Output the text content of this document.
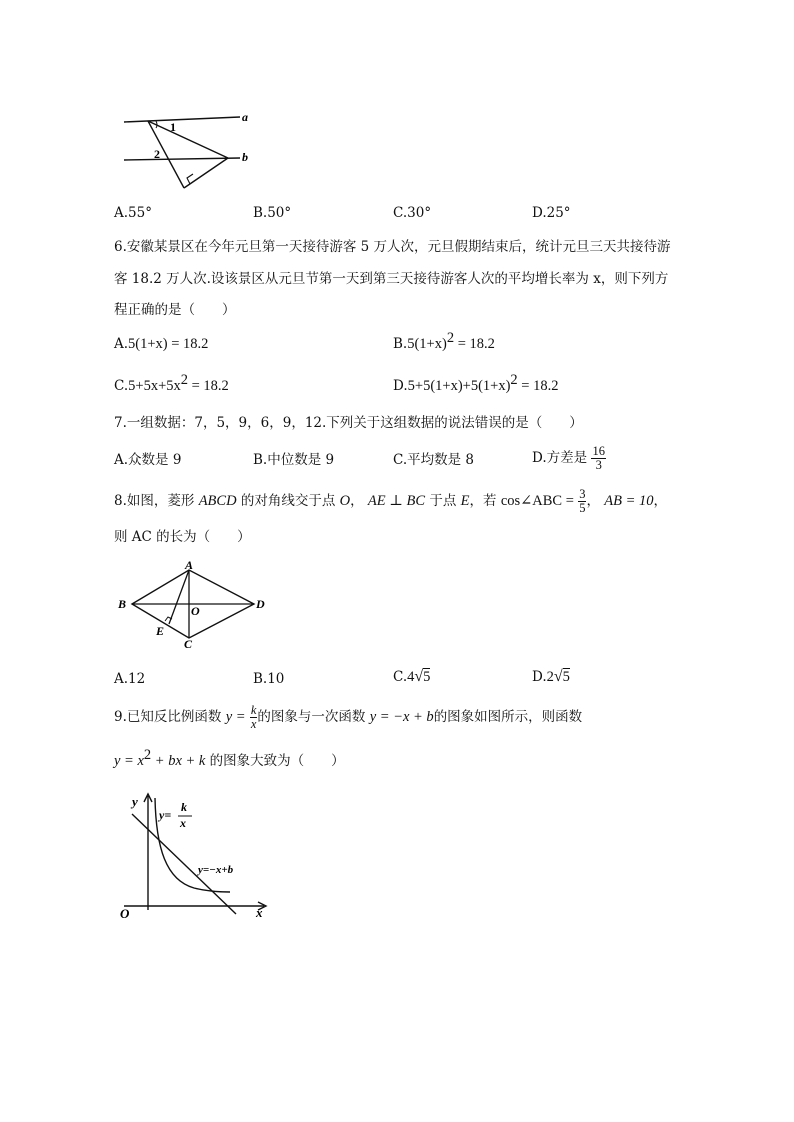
a
b
1
2
A.55°	B.50°	C.30°	D.25°
6.安徽某景区在今年元旦第一天接待游客 5 万人次，元旦假期结束后，统计元旦三天共接待游
客 18.2 万人次.设该景区从元旦节第一天到第三天接待游客人次的平均增长率为 x，则下列方
程正确的是（　　）
A.5(1+x) = 18.2	$B.5(1+x)^2 = 18.2$
$C.5+5x+5x^2 = 18.2$	$D.5+5(1+x)+5(1+x)^2 = 18.2$
7.一组数据：7，5，9，6，9，12.下列关于这组数据的说法错误的是（　　）
A.众数是 9	B.中位数是 9	C.平均数是 8	D.方差是 $\frac{16}{3}$
8.如图，菱形 ABCD 的对角线交于点 O， AE ⊥ BC 于点 E，若 cos∠ABC = $\frac{3}{5}$ ， AB = 10，
则 AC 的长为（　　）
A
B
C
D
O
E
A.12	B.10	C.4√5	D.2√5
9.已知反比例函数 $y = \frac{k}{x}$ 的图象与一次函数 y = −x + b的图象如图所示，则函数
$y = x^2$ + bx + k 的图象大致为（　　）
y
x
O
y=
k
x
y=−x+b
